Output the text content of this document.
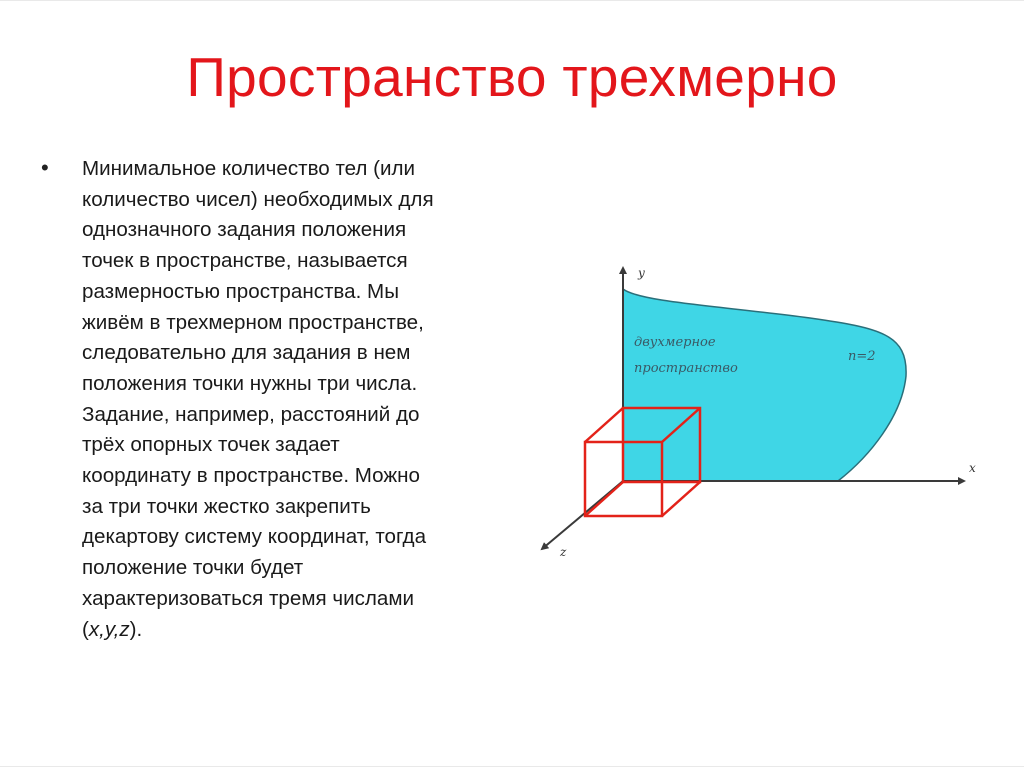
Пространство трехмерно
• Минимальное количество тел (или
количество чисел) необходимых для
однозначного задания положения
точек в пространстве, называется
размерностью пространства. Мы
живём в трехмерном пространстве,
следовательно для задания в нем
положения точки нужны три числа.
Задание, например, расстояний до
трёх опорных точек задает
координату в пространстве. Можно
за три точки жестко закрепить
декартову систему координат, тогда
положение точки будет
характеризоваться тремя числами
(x,y,z).
y
x
z
двухмерное
пространство
n=2
